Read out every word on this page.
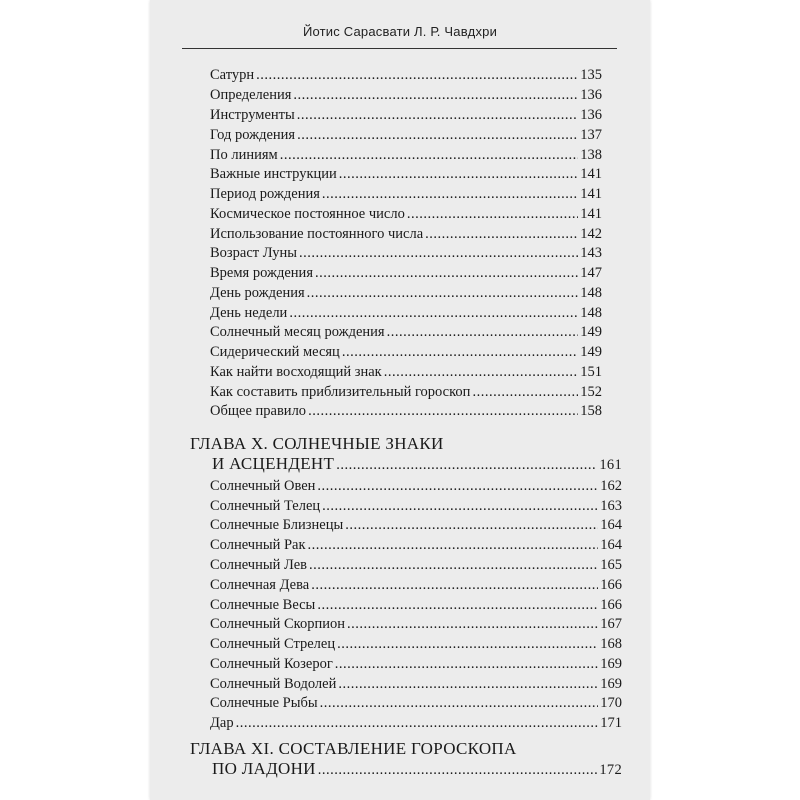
Йотис Сарасвати Л. Р. Чавдхри
Сатурн .....	135
Определения .....	136
Инструменты .....	136
Год рождения .....	137
По линиям .....	138
Важные инструкции .....	141
Период рождения .....	141
Космическое постоянное число .....	141
Использование постоянного числа .....	142
Возраст Луны .....	143
Время рождения .....	147
День рождения .....	148
День недели .....	148
Солнечный месяц рождения .....	149
Сидерический месяц .....	149
Как найти восходящий знак .....	151
Как составить приблизительный гороскоп .....	152
Общее правило .....	158
ГЛАВА X. СОЛНЕЧНЫЕ ЗНАКИ
И АСЦЕНДЕНТ .....	161
Солнечный Овен .....	162
Солнечный Телец .....	163
Солнечные Близнецы .....	164
Солнечный Рак .....	164
Солнечный Лев .....	165
Солнечная Дева .....	166
Солнечные Весы .....	166
Солнечный Скорпион .....	167
Солнечный Стрелец .....	168
Солнечный Козерог .....	169
Солнечный Водолей .....	169
Солнечные Рыбы .....	170
Дар .....	171
ГЛАВА XI. СОСТАВЛЕНИЕ ГОРОСКОПА
ПО ЛАДОНИ .....	172
